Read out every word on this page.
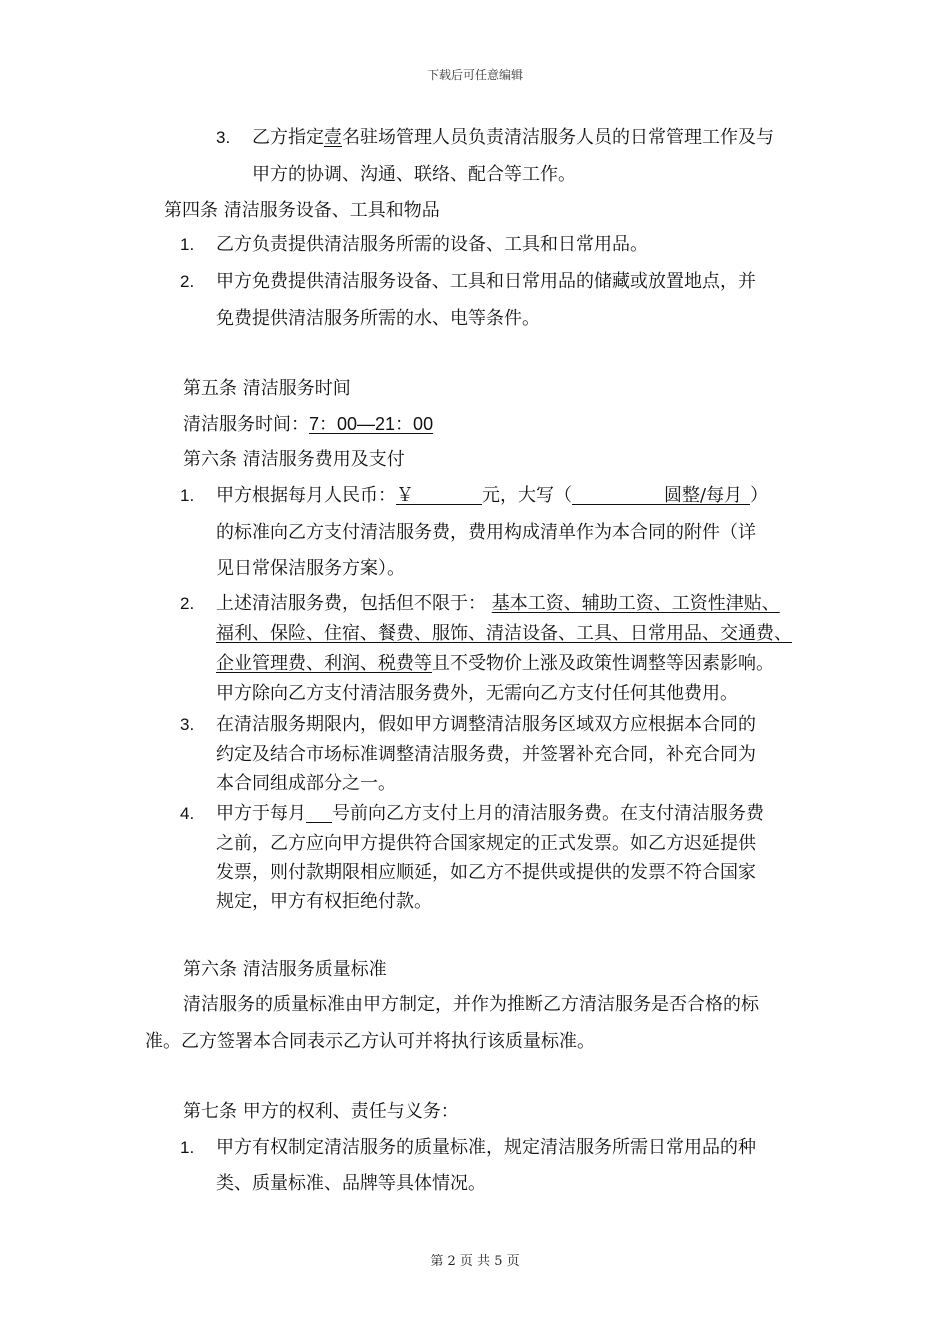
下载后可任意编辑
3. 乙方指定壹名驻场管理人员负责清洁服务人员的日常管理工作及与
甲方的协调、沟通、联络、配合等工作。
第四条 清洁服务设备、工具和物品
1. 乙方负责提供清洁服务所需的设备、工具和日常用品。
2. 甲方免费提供清洁服务设备、工具和日常用品的储藏或放置地点，并
免费提供清洁服务所需的水、电等条件。
第五条 清洁服务时间
清洁服务时间：7：00—21：00
第六条 清洁服务费用及支付
1. 甲方根据每月人民币：￥	元，大写（	圆整/每月 ）
的标准向乙方支付清洁服务费，费用构成清单作为本合同的附件（详
见日常保洁服务方案）。
2. 上述清洁服务费，包括但不限于： 基本工资、辅助工资、工资性津贴、
福利、保险、住宿、餐费、服饰、清洁设备、工具、日常用品、交通费、
企业管理费、利润、税费等且不受物价上涨及政策性调整等因素影响。
甲方除向乙方支付清洁服务费外，无需向乙方支付任何其他费用。
3. 在清洁服务期限内，假如甲方调整清洁服务区域双方应根据本合同的
约定及结合市场标准调整清洁服务费，并签署补充合同，补充合同为
本合同组成部分之一。
4. 甲方于每月 号前向乙方支付上月的清洁服务费。在支付清洁服务费
之前，乙方应向甲方提供符合国家规定的正式发票。如乙方迟延提供
发票，则付款期限相应顺延，如乙方不提供或提供的发票不符合国家
规定，甲方有权拒绝付款。
第六条 清洁服务质量标准
清洁服务的质量标准由甲方制定，并作为推断乙方清洁服务是否合格的标
准。乙方签署本合同表示乙方认可并将执行该质量标准。
第七条 甲方的权利、责任与义务：
1. 甲方有权制定清洁服务的质量标准，规定清洁服务所需日常用品的种
类、质量标准、品牌等具体情况。
第 2 页 共 5 页
